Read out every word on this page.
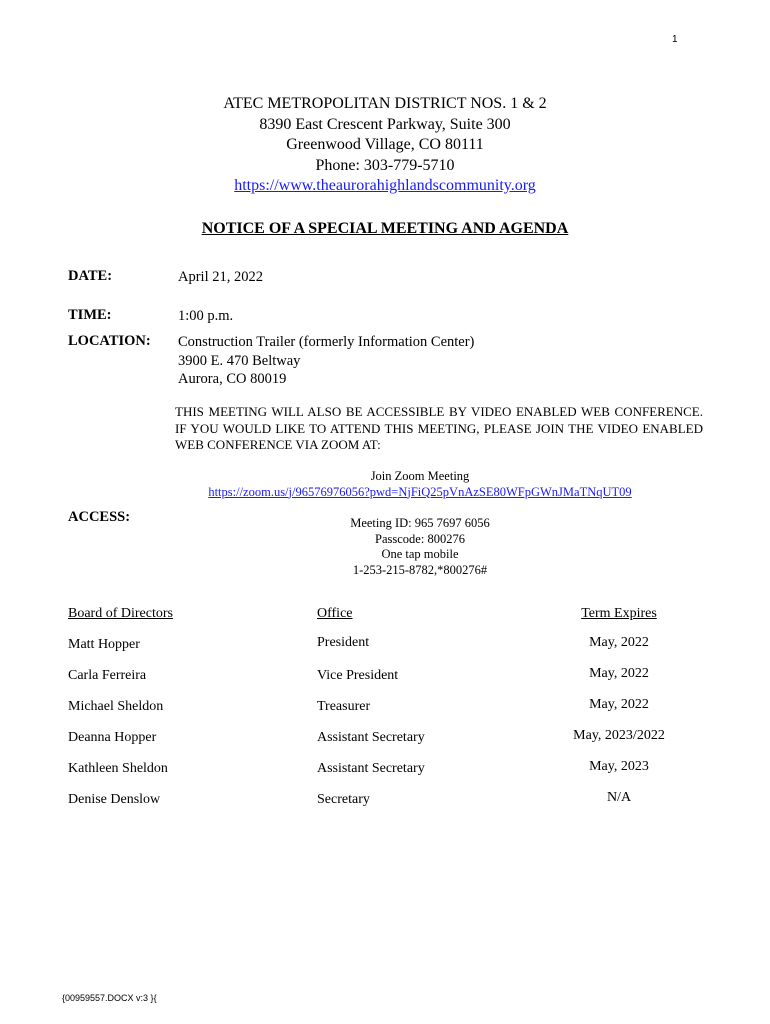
1
ATEC METROPOLITAN DISTRICT NOS. 1 & 2
8390 East Crescent Parkway, Suite 300
Greenwood Village, CO 80111
Phone: 303-779-5710
https://www.theaurorahighlandscommunity.org
NOTICE OF A SPECIAL MEETING AND AGENDA
DATE:	April 21, 2022
TIME:	1:00 p.m.
LOCATION: Construction Trailer (formerly Information Center)
3900 E. 470 Beltway
Aurora, CO 80019
THIS MEETING WILL ALSO BE ACCESSIBLE BY VIDEO ENABLED WEB CONFERENCE. IF YOU WOULD LIKE TO ATTEND THIS MEETING, PLEASE JOIN THE VIDEO ENABLED WEB CONFERENCE VIA ZOOM AT:
Join Zoom Meeting
https://zoom.us/j/96576976056?pwd=NjFiQ25pVnAzSE80WFpGWnJMaTNqUT09
ACCESS:	Meeting ID: 965 7697 6056
Passcode: 800276
One tap mobile
1-253-215-8782,*800276#
Board of Directors	Office	Term Expires
Matt Hopper	President	May, 2022
Carla Ferreira	Vice President	May, 2022
Michael Sheldon	Treasurer	May, 2022
Deanna Hopper	Assistant Secretary	May, 2023/2022
Kathleen Sheldon	Assistant Secretary	May, 2023
Denise Denslow	Secretary	N/A
{00959557.DOCX v:3 }{
